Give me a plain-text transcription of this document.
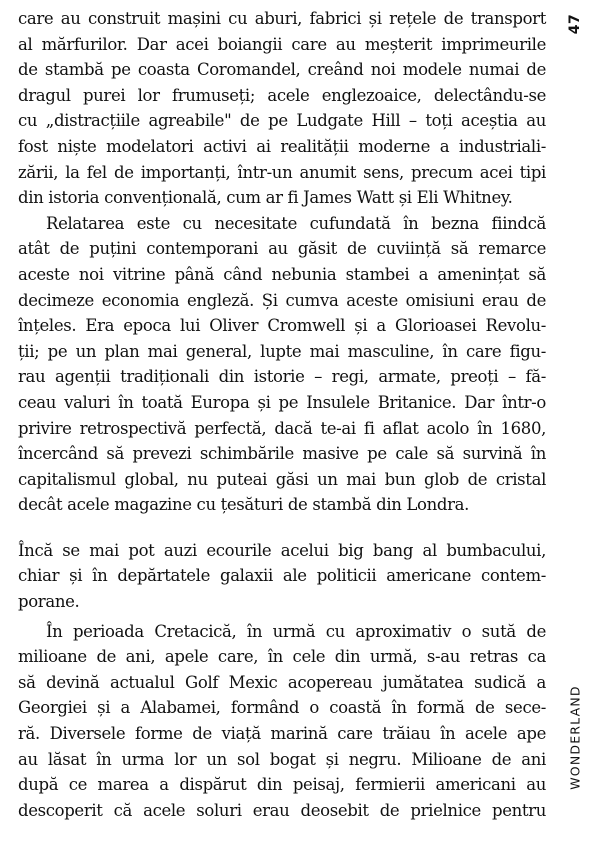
47
care au construit mașini cu aburi, fabrici și rețele de transport
al mărfurilor. Dar acei boiangii care au meșterit imprimeurile
de stambă pe coasta Coromandel, creând noi modele numai de
dragul purei lor frumuseți; acele englezoaice, delectându-se
cu „distracțiile agreabile" de pe Ludgate Hill – toți aceștia au
fost niște modelatori activi ai realității moderne a industriali-
zării, la fel de importanți, într-un anumit sens, precum acei tipi
din istoria convențională, cum ar fi James Watt și Eli Whitney.
Relatarea este cu necesitate cufundată în bezna fiindcă
atât de puțini contemporani au găsit de cuviință să remarce
aceste noi vitrine până când nebunia stambei a amenințat să
decimeze economia engleză. Și cumva aceste omisiuni erau de
înțeles. Era epoca lui Oliver Cromwell și a Glorioasei Revolu-
ții; pe un plan mai general, lupte mai masculine, în care figu-
rau agenții tradiționali din istorie – regi, armate, preoți – fă-
ceau valuri în toată Europa și pe Insulele Britanice. Dar într-o
privire retrospectivă perfectă, dacă te-ai fi aflat acolo în 1680,
încercând să prevezi schimbările masive pe cale să survină în
capitalismul global, nu puteai găsi un mai bun glob de cristal
decât acele magazine cu țesături de stambă din Londra.
Încă se mai pot auzi ecourile acelui big bang al bumbacului,
chiar și în depărtatele galaxii ale politicii americane contem-
porane.
În perioada Cretacică, în urmă cu aproximativ o sută de
milioane de ani, apele care, în cele din urmă, s-au retras ca
să devină actualul Golf Mexic acopereau jumătatea sudică a
Georgiei și a Alabamei, formând o coastă în formă de sece-
ră. Diversele forme de viață marină care trăiau în acele ape
au lăsat în urma lor un sol bogat și negru. Milioane de ani
după ce marea a dispărut din peisaj, fermierii americani au
descoperit că acele soluri erau deosebit de prielnice pentru
WONDERLAND
